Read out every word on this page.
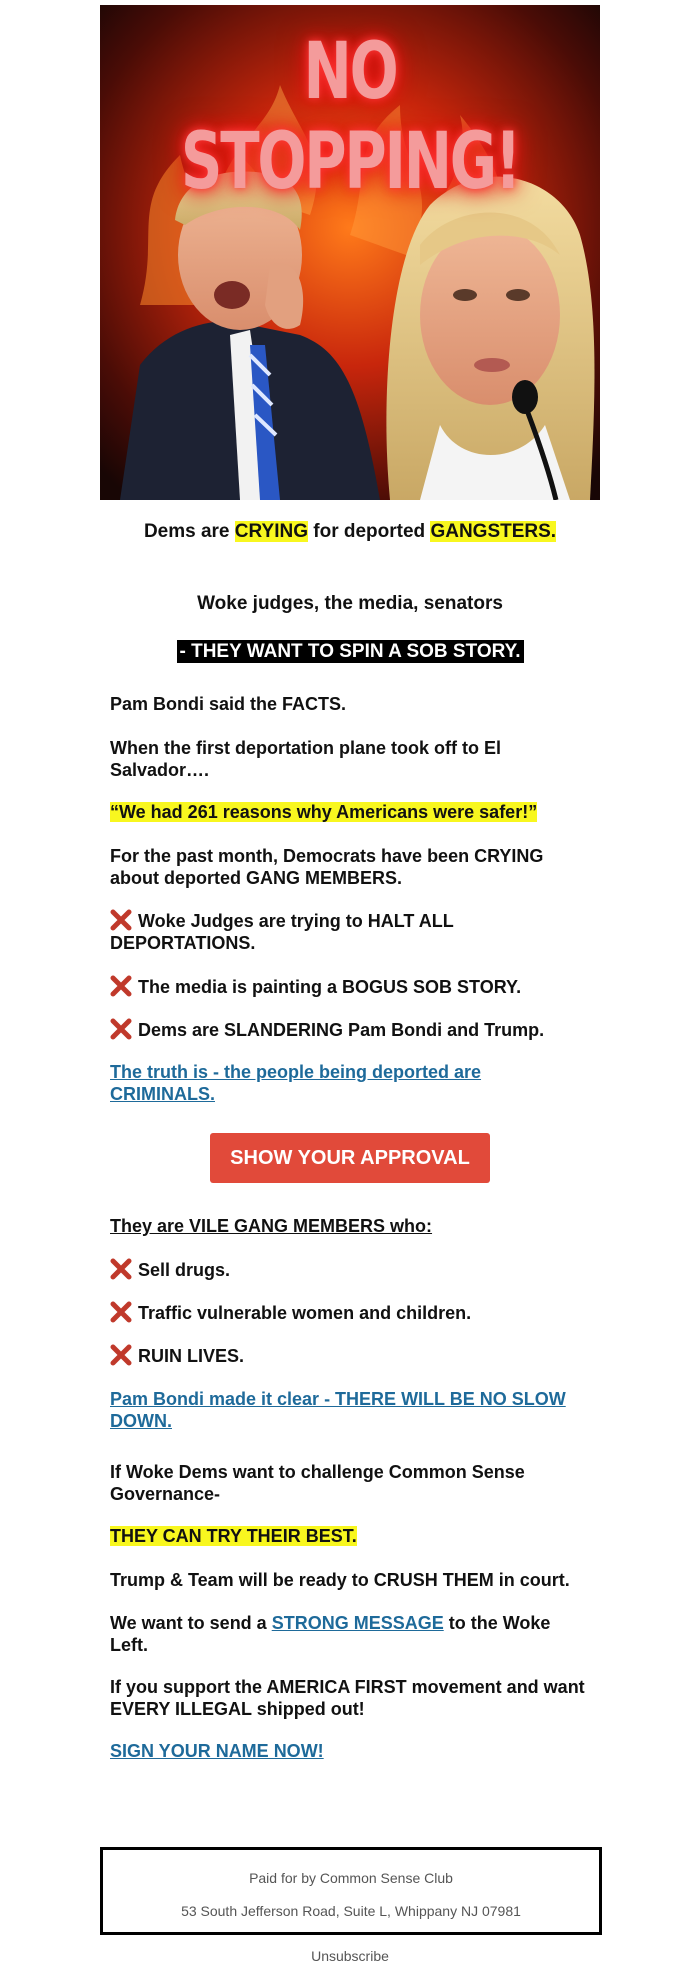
NO STOPPING!
Dems are CRYING for deported GANGSTERS.
Woke judges, the media, senators
- THEY WANT TO SPIN A SOB STORY.
Pam Bondi said the FACTS.
When the first deportation plane took off to El Salvador….
“We had 261 reasons why Americans were safer!”
For the past month, Democrats have been CRYING about deported GANG MEMBERS.
Woke Judges are trying to HALT ALL DEPORTATIONS.
The media is painting a BOGUS SOB STORY.
Dems are SLANDERING Pam Bondi and Trump.
The truth is - the people being deported are CRIMINALS.
SHOW YOUR APPROVAL
They are VILE GANG MEMBERS who:
Sell drugs.
Traffic vulnerable women and children.
RUIN LIVES.
Pam Bondi made it clear - THERE WILL BE NO SLOW DOWN.
If Woke Dems want to challenge Common Sense Governance-
THEY CAN TRY THEIR BEST.
Trump & Team will be ready to CRUSH THEM in court.
We want to send a STRONG MESSAGE to the Woke Left.
If you support the AMERICA FIRST movement and want EVERY ILLEGAL shipped out!
SIGN YOUR NAME NOW!
Paid for by Common Sense Club
53 South Jefferson Road, Suite L, Whippany NJ 07981
Unsubscribe
